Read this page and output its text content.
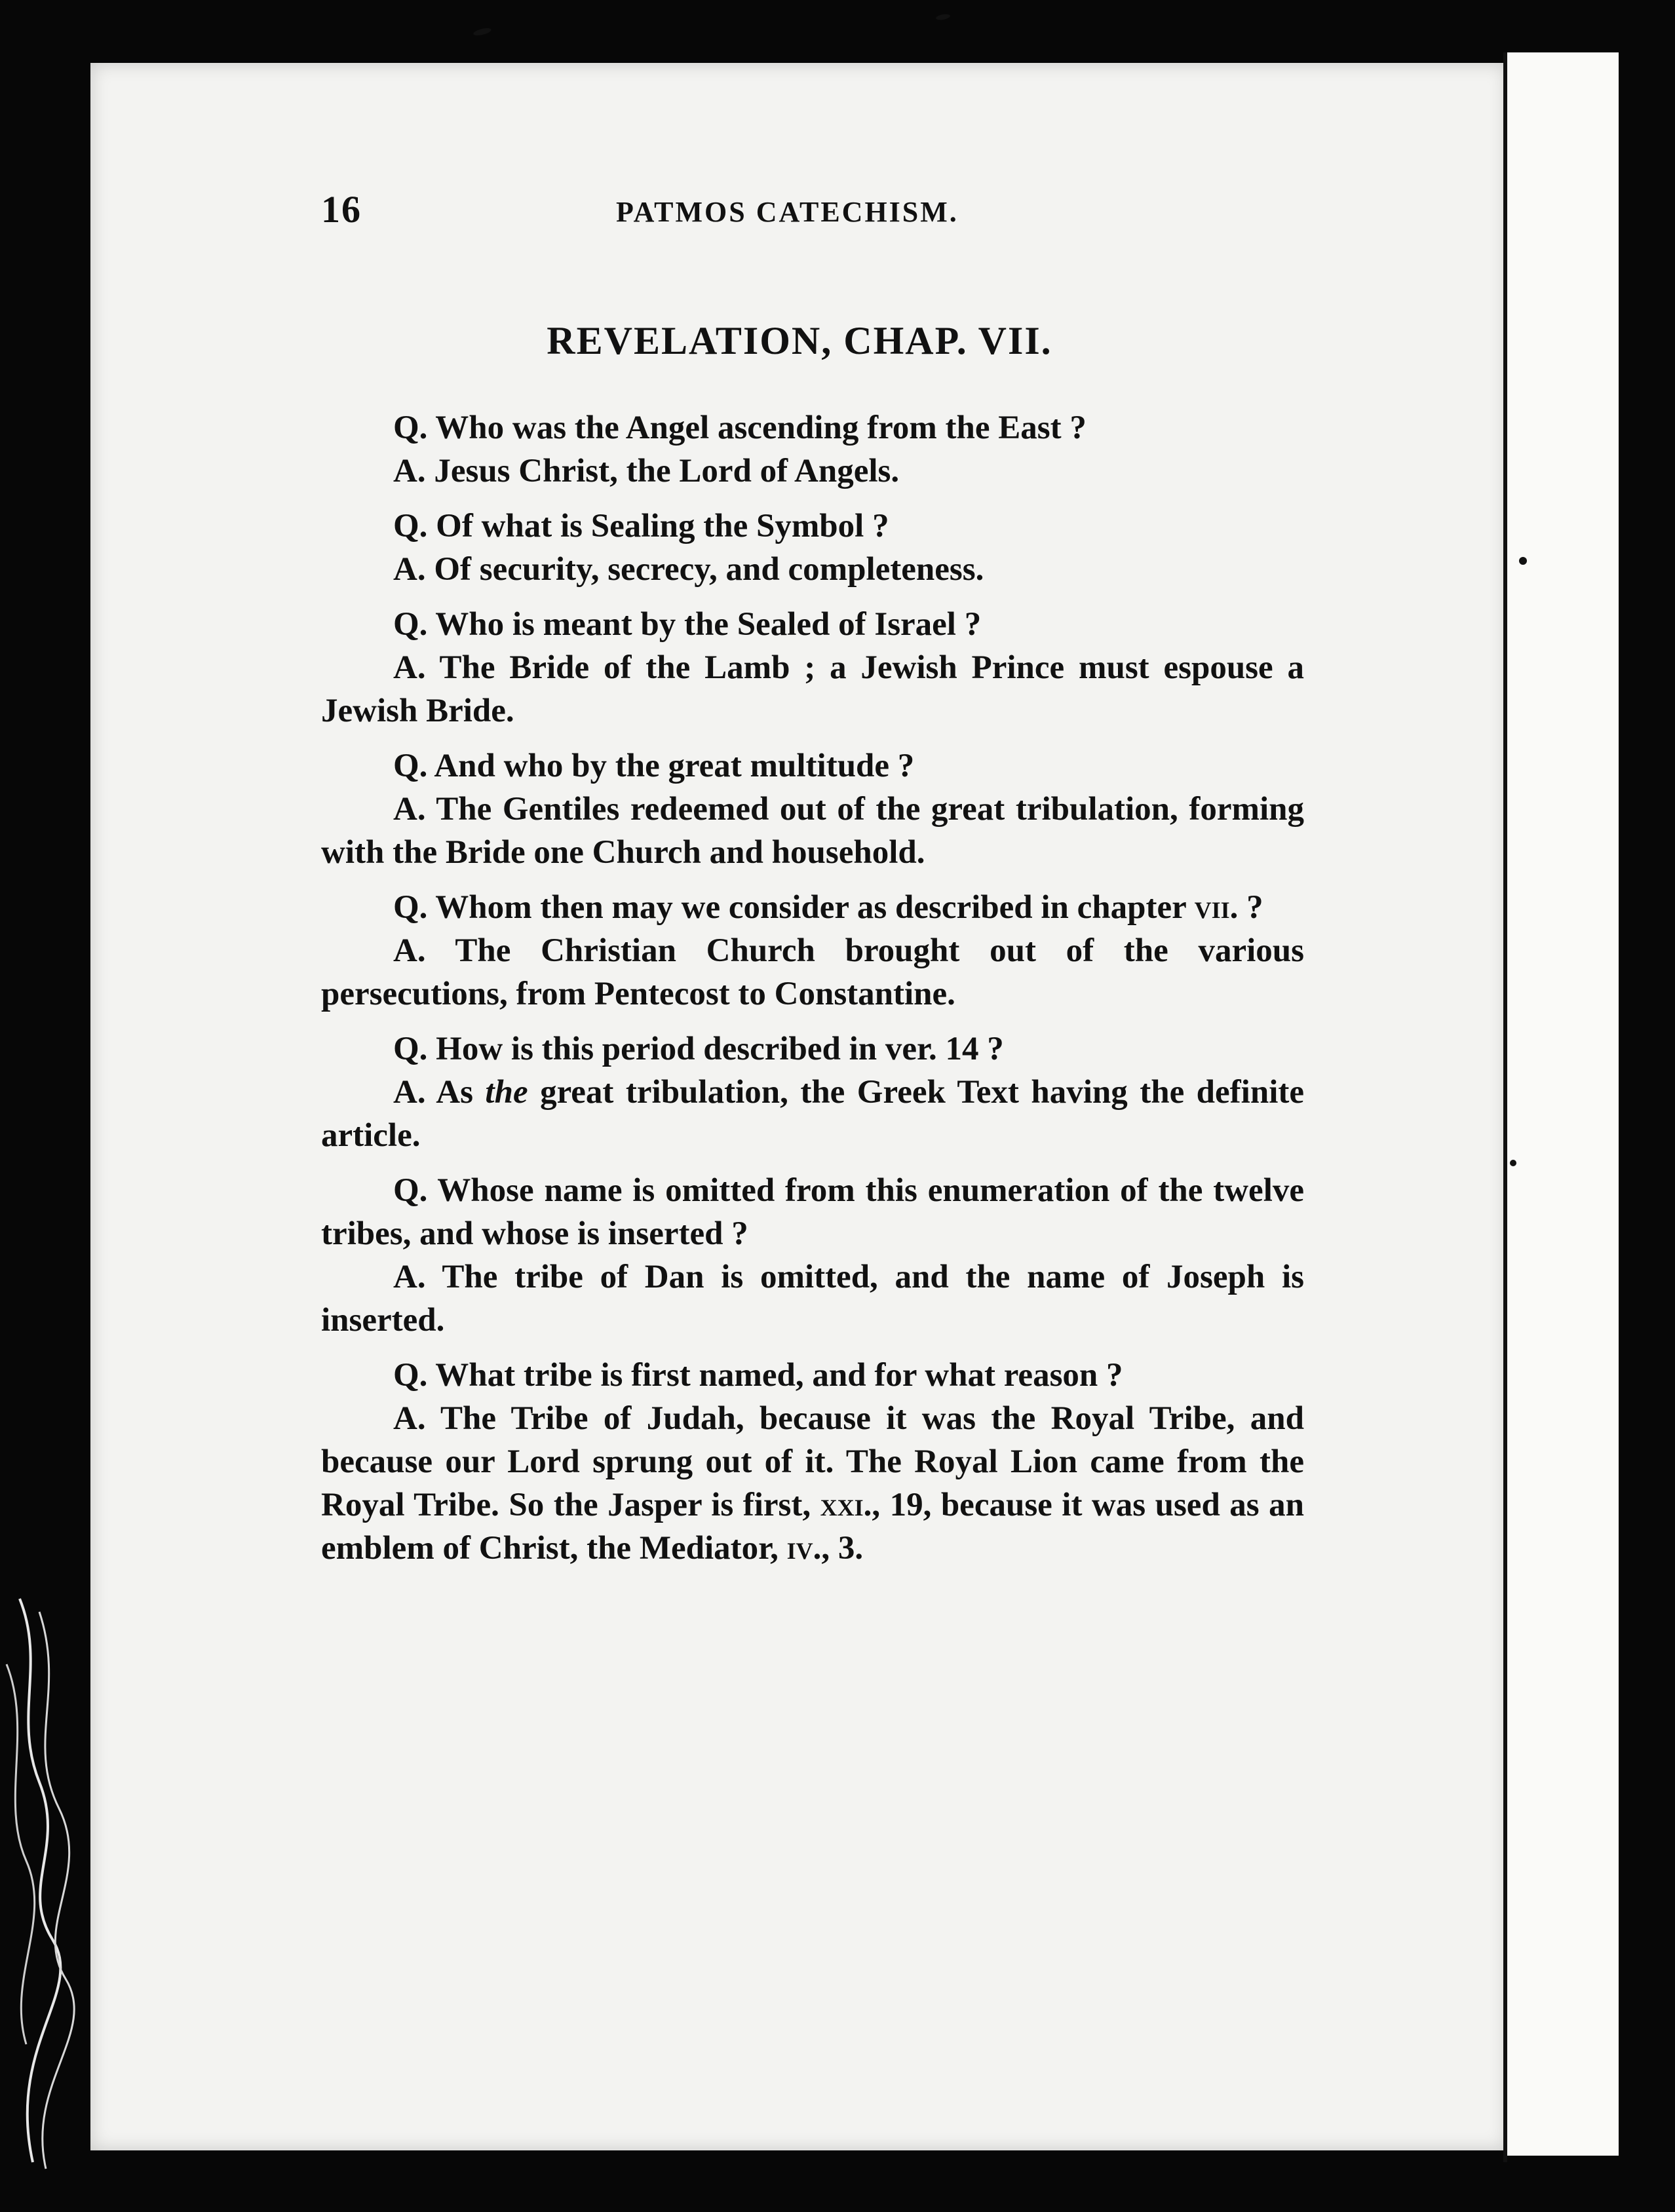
16	PATMOS CATECHISM.
REVELATION, CHAP. VII.

Q. Who was the Angel ascending from the East ?

A. Jesus Christ, the Lord of Angels.

Q. Of what is Sealing the Symbol ?

A. Of security, secrecy, and completeness.

Q. Who is meant by the Sealed of Israel ?

A. The Bride of the Lamb ; a Jewish Prince must espouse a Jewish Bride.

Q. And who by the great multitude ?

A. The Gentiles redeemed out of the great tribulation, forming with the Bride one Church and household.

Q. Whom then may we consider as described in chapter vii. ?

A. The Christian Church brought out of the various persecutions, from Pentecost to Constantine.

Q. How is this period described in ver. 14 ?

A. As the great tribulation, the Greek Text having the definite article.

Q. Whose name is omitted from this enumeration of the twelve tribes, and whose is inserted ?

A. The tribe of Dan is omitted, and the name of Joseph is inserted.

Q. What tribe is first named, and for what reason ?

A. The Tribe of Judah, because it was the Royal Tribe, and because our Lord sprung out of it. The Royal Lion came from the Royal Tribe. So the Jasper is first, xxi., 19, because it was used as an emblem of Christ, the Mediator, iv., 3.
